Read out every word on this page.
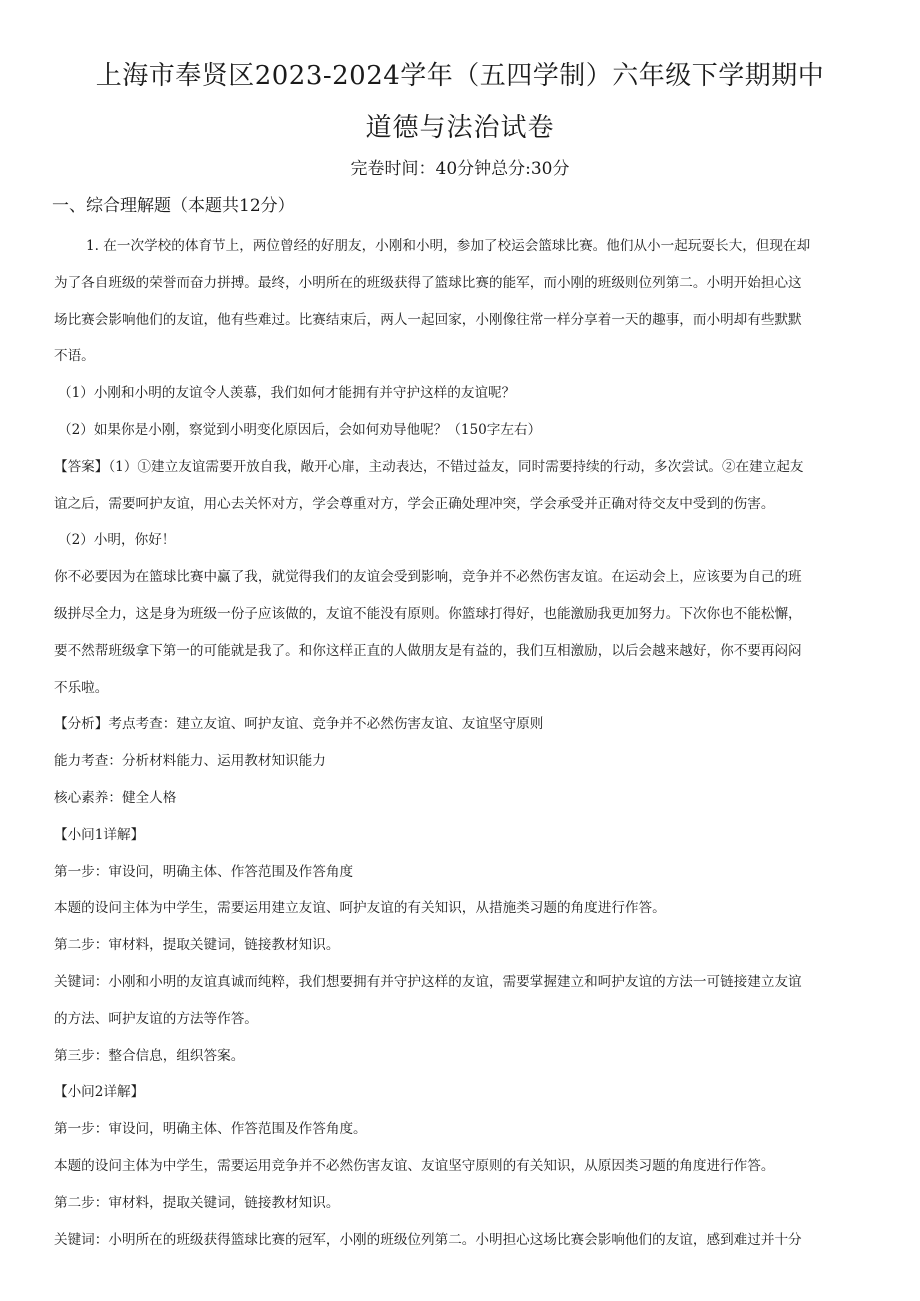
上海市奉贤区2023-2024学年（五四学制）六年级下学期期中
道德与法治试卷
完卷时间：40分钟总分:30分
一、综合理解题（本题共12分）

1. 在一次学校的体育节上，两位曾经的好朋友，小刚和小明，参加了校运会篮球比赛。他们从小一起玩耍长大，但现在却

为了各自班级的荣誉而奋力拼搏。最终，小明所在的班级获得了篮球比赛的能军，而小刚的班级则位列第二。小明开始担心这

场比赛会影响他们的友谊，他有些难过。比赛结束后，两人一起回家，小刚像往常一样分享着一天的趣事，而小明却有些默默

不语。

（1）小刚和小明的友谊令人羡慕，我们如何才能拥有并守护这样的友谊呢？

（2）如果你是小刚，察觉到小明变化原因后，会如何劝导他呢？（150字左右）

【答案】（1）①建立友谊需要开放自我，敞开心扉，主动表达，不错过益友，同时需要持续的行动，多次尝试。②在建立起友

谊之后，需要呵护友谊，用心去关怀对方，学会尊重对方，学会正确处理冲突，学会承受并正确对待交友中受到的伤害。

（2）小明，你好！

你不必要因为在篮球比赛中赢了我，就觉得我们的友谊会受到影响，竞争并不必然伤害友谊。在运动会上，应该要为自己的班

级拼尽全力，这是身为班级一份子应该做的，友谊不能没有原则。你篮球打得好，也能激励我更加努力。下次你也不能松懈，

要不然帮班级拿下第一的可能就是我了。和你这样正直的人做朋友是有益的，我们互相激励，以后会越来越好，你不要再闷闷

不乐啦。

【分析】考点考查：建立友谊、呵护友谊、竞争并不必然伤害友谊、友谊坚守原则

能力考查：分析材料能力、运用教材知识能力

核心素养：健全人格

【小问1详解】

第一步：审设问，明确主体、作答范围及作答角度

本题的设问主体为中学生，需要运用建立友谊、呵护友谊的有关知识，从措施类习题的角度进行作答。

第二步：审材料，提取关键词，链接教材知识。

关键词：小刚和小明的友谊真诚而纯粹，我们想要拥有并守护这样的友谊，需要掌握建立和呵护友谊的方法一可链接建立友谊

的方法、呵护友谊的方法等作答。

第三步：整合信息，组织答案。

【小问2详解】

第一步：审设问，明确主体、作答范围及作答角度。

本题的设问主体为中学生，需要运用竞争并不必然伤害友谊、友谊坚守原则的有关知识，从原因类习题的角度进行作答。

第二步：审材料，提取关键词，链接教材知识。

关键词：小明所在的班级获得篮球比赛的冠军，小刚的班级位列第二。小明担心这场比赛会影响他们的友谊，感到难过并十分
